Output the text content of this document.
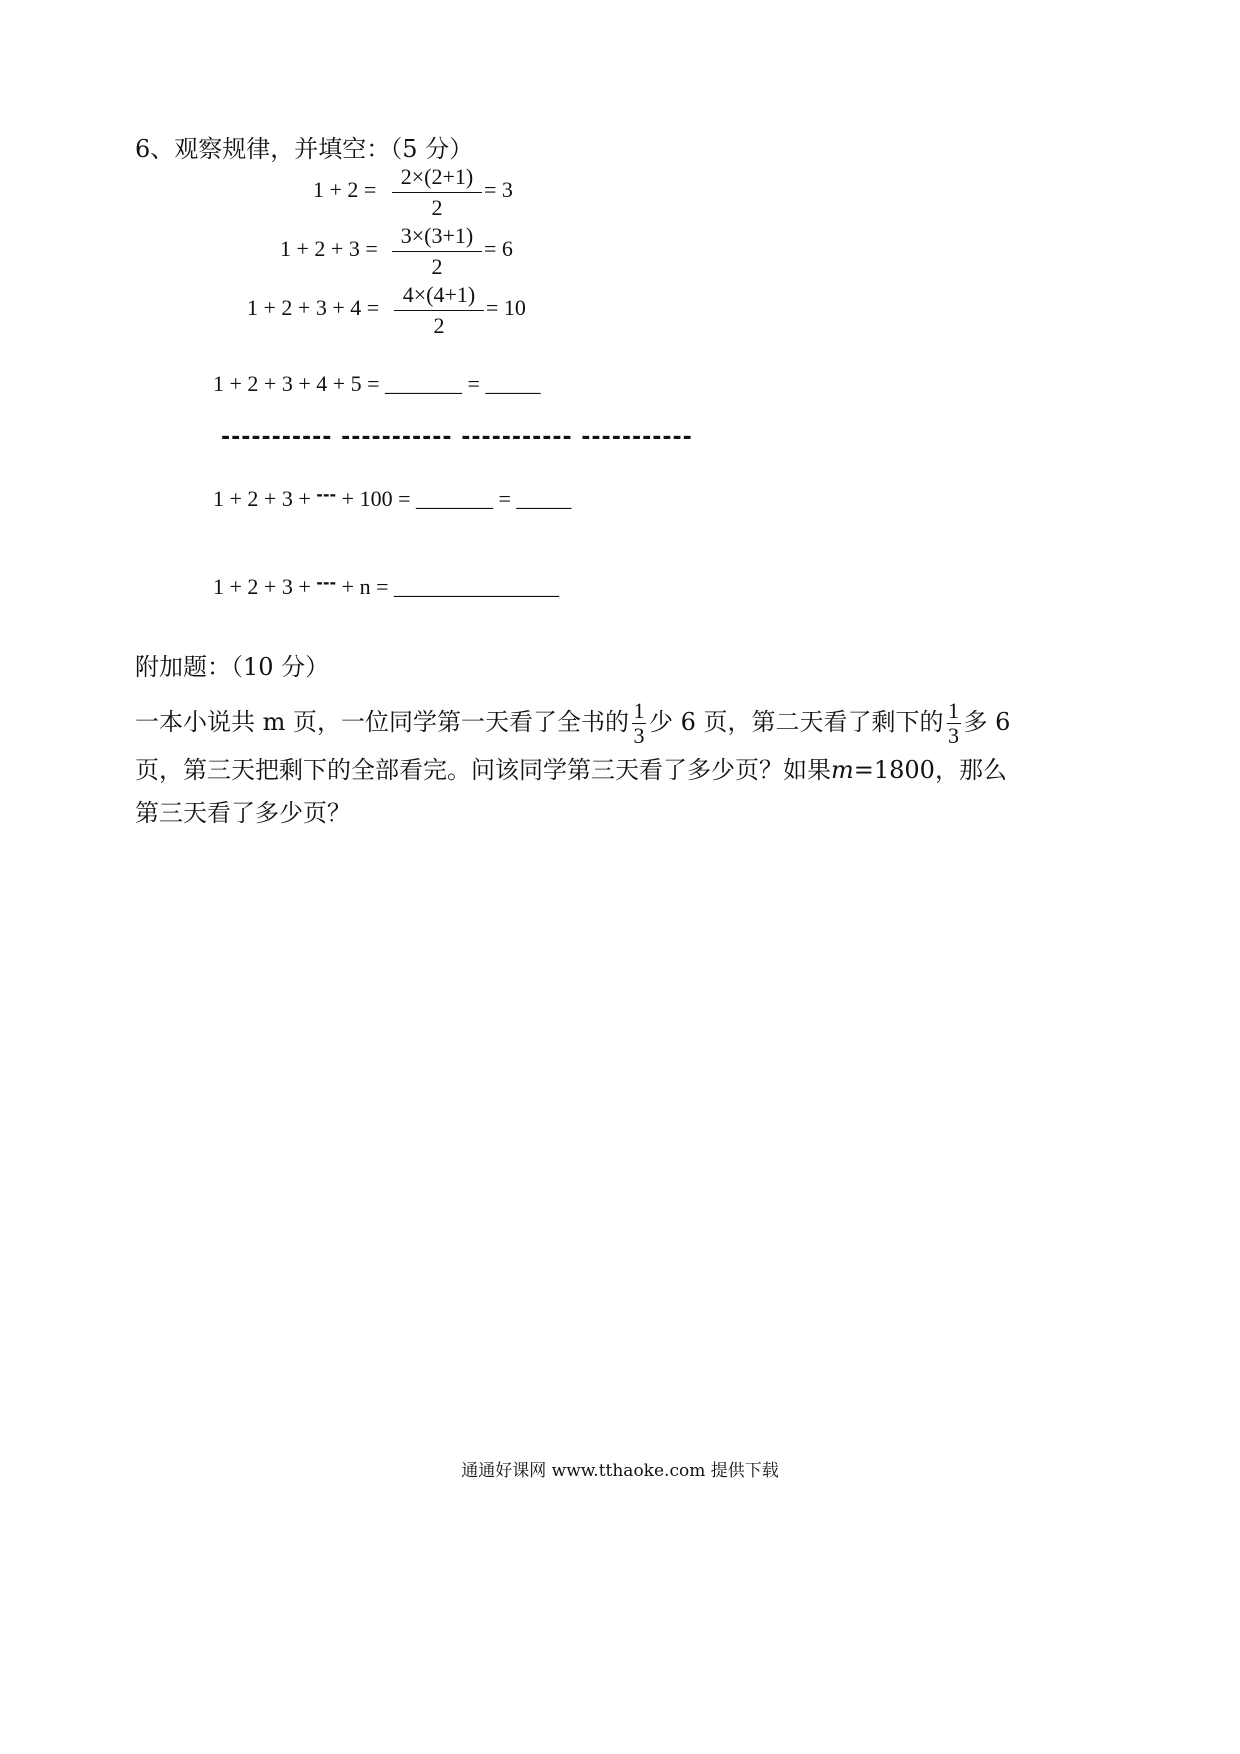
6、观察规律，并填空：（5 分）
1 + 2 =
2×(2+1)
2
= 3
1 + 2 + 3 =
3×(3+1)
2
= 6
1 + 2 + 3 + 4 =
4×(4+1)
2
= 10
1 + 2 + 3 + 4 + 5 = _______ = _____
----------- ----------- ----------- -----------
1 + 2 + 3 + --- + 100 = _______ = _____
1 + 2 + 3 + --- + n = _______________
附加题：（10 分）
一本小说共 m 页，一位同学第一天看了全书的 $\frac{1}{3}$ 少 6 页，第二天看了剩下的 $\frac{1}{3}$ 多 6
页，第三天把剩下的全部看完。问该同学第三天看了多少页？如果m=1800，那么
第三天看了多少页？
通通好课网 www.tthaoke.com 提供下载
